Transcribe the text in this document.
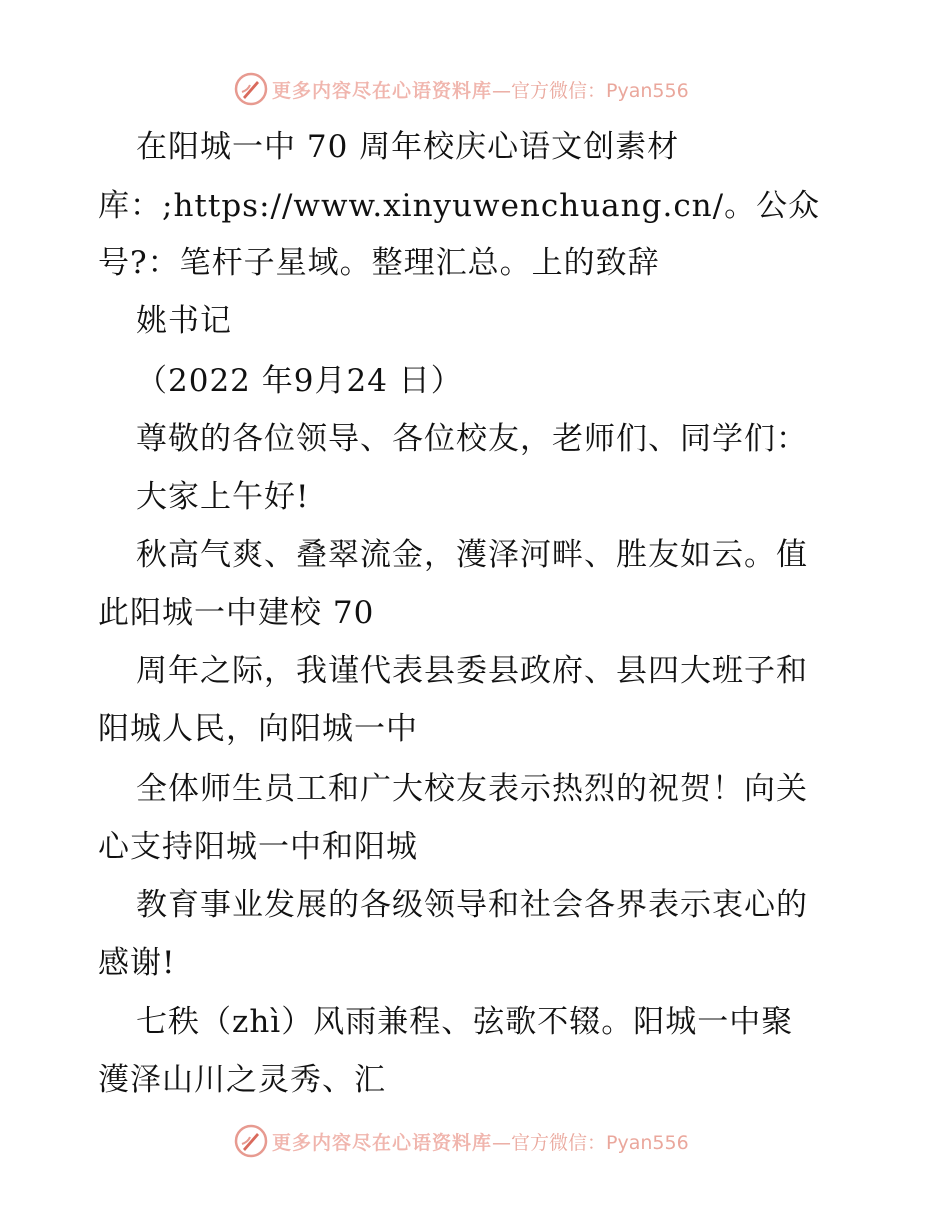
更多内容尽在心语资料库—官方微信：Pyan556
在阳城一中 70 周年校庆心语文创素材
库：;https://www.xinyuwenchuang.cn/。公众
号?：笔杆子星域。整理汇总。上的致辞
姚书记
（2022 年9月24 日）
尊敬的各位领导、各位校友，老师们、同学们：
大家上午好!
秋高气爽、叠翠流金，濩泽河畔、胜友如云。值
此阳城一中建校 70
周年之际，我谨代表县委县政府、县四大班子和
阳城人民，向阳城一中
全体师生员工和广大校友表示热烈的祝贺！向关
心支持阳城一中和阳城
教育事业发展的各级领导和社会各界表示衷心的
感谢!
七秩（zhì）风雨兼程、弦歌不辍。阳城一中聚
濩泽山川之灵秀、汇
更多内容尽在心语资料库—官方微信：Pyan556
